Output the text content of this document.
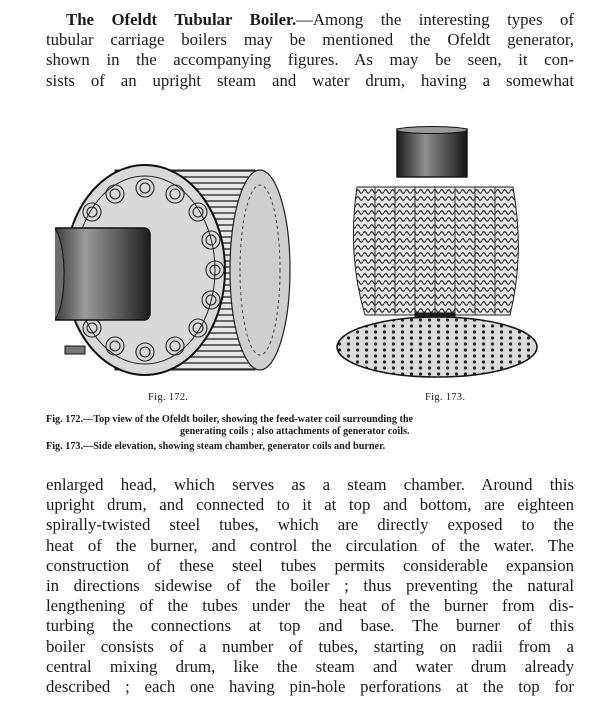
The Ofeldt Tubular Boiler.—Among the interesting types of
tubular carriage boilers may be mentioned the Ofeldt generator,
shown in the accompanying figures. As may be seen, it con-
sists of an upright steam and water drum, having a somewhat
Fig. 172.	Fig. 173.
Fig. 172.—Top view of the Ofeldt boiler, showing the feed-water coil surrounding the
generating coils ; also attachments of generator coils.
Fig. 173.—Side elevation, showing steam chamber, generator coils and burner.
enlarged head, which serves as a steam chamber. Around this
upright drum, and connected to it at top and bottom, are eighteen
spirally-twisted steel tubes, which are directly exposed to the
heat of the burner, and control the circulation of the water. The
construction of these steel tubes permits considerable expansion
in directions sidewise of the boiler ; thus preventing the natural
lengthening of the tubes under the heat of the burner from dis-
turbing the connections at top and base. The burner of this
boiler consists of a number of tubes, starting on radii from a
central mixing drum, like the steam and water drum already
described ; each one having pin-hole perforations at the top for
